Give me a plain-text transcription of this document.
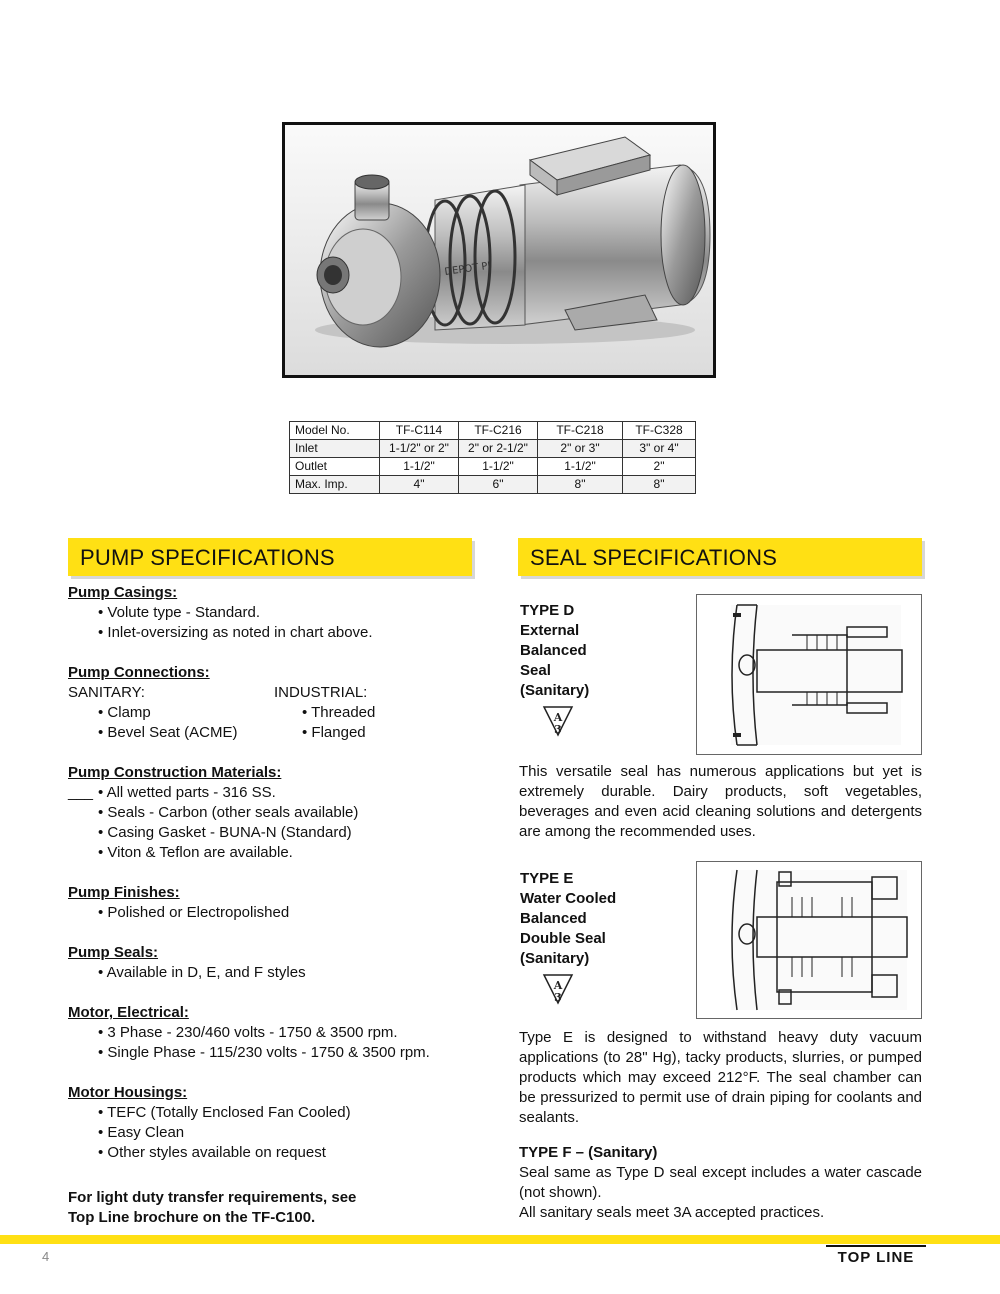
DEPOT PI
Model No.	TF-C114	TF-C216	TF-C218	TF-C328
Inlet	1-1/2" or 2"	2" or 2-1/2"	2" or 3"	3" or 4"
Outlet	1-1/2"	1-1/2"	1-1/2"	2"
Max. Imp.	4"	6"	8"	8"
PUMP SPECIFICATIONS	SEAL SPECIFICATIONS
Pump Casings:
• Volute type - Standard.
• Inlet-oversizing as noted in chart above.
Pump Connections:
SANITARY:	INDUSTRIAL:
• Clamp
• Bevel Seat (ACME)
• Threaded
• Flanged
Pump Construction Materials:
___ • All wetted parts - 316 SS.
• Seals - Carbon (other seals available)
• Casing Gasket - BUNA-N (Standard)
• Viton & Teflon are available.
Pump Finishes:
• Polished or Electropolished
Pump Seals:
• Available in D, E, and F styles
Motor, Electrical:
• 3 Phase - 230/460 volts - 1750 & 3500 rpm.
• Single Phase - 115/230 volts - 1750 & 3500 rpm.
Motor Housings:
• TEFC (Totally Enclosed Fan Cooled)
• Easy Clean
• Other styles available on request
For light duty transfer requirements, see
Top Line brochure on the TF-C100.
TYPE D
External
Balanced
Seal
(Sanitary)
A
3
This versatile seal has numerous applications but yet is extremely durable. Dairy products, soft vegetables, beverages and even acid cleaning solutions and detergents are among the recommended uses.
TYPE E
Water Cooled
Balanced
Double Seal
(Sanitary)
A
3
Type E is designed to withstand heavy duty vacuum applications (to 28" Hg), tacky products, slurries, or pumped products which may exceed 212°F. The seal chamber can be pressurized to permit use of drain piping for coolants and sealants.
TYPE F – (Sanitary)
Seal same as Type D seal except includes a water cascade (not shown).
All sanitary seals meet 3A accepted practices.
4	TOP LINE
